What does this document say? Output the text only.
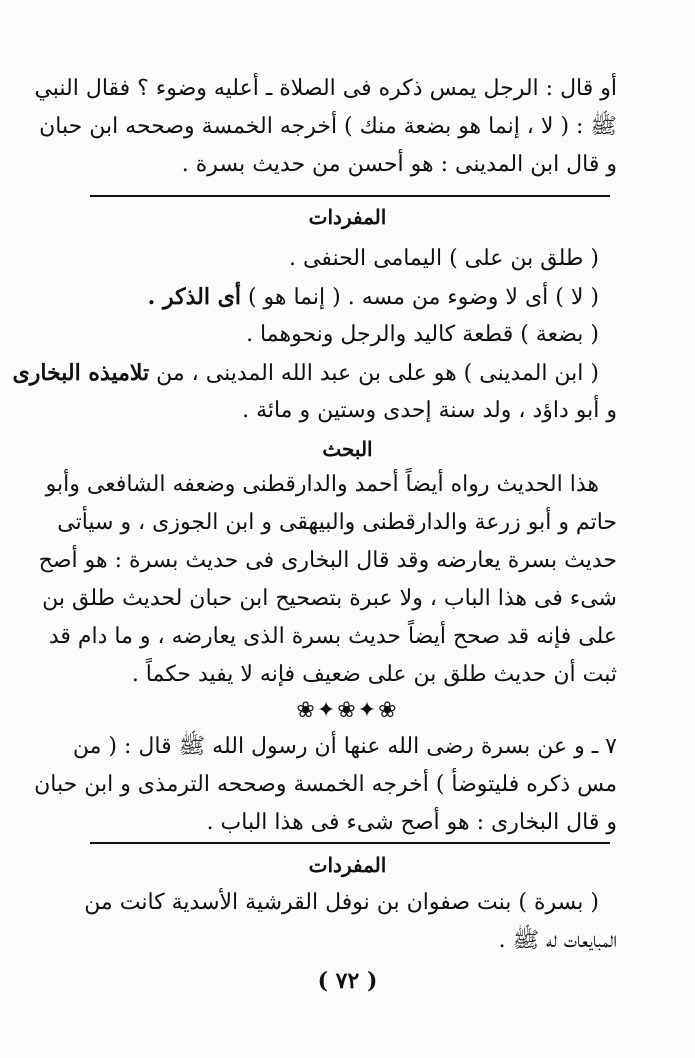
أو قال : الرجل يمس ذكره فى الصلاة ـ أعليه وضوء ؟ فقال النبي

ﷺ : ( لا ، إنما هو بضعة منك ) أخرجه الخمسة وصححه ابن حبان

و قال ابن المدينى : هو أحسن من حديث بسرة .

المفردات

( طلق بن على ) اليمامى الحنفى .

( لا ) أى لا وضوء من مسه . ( إنما هو ) أى الذكر .

( بضعة ) قطعة كاليد والرجل ونحوهما .

( ابن المدينى ) هو على بن عبد الله المدينى ، من تلاميذه البخارى

و أبو داؤد ، ولد سنة إحدى وستين و مائة .

البحث

هذا الحديث رواه أيضاً أحمد والدارقطنى وضعفه الشافعى وأبو

حاتم و أبو زرعة والدارقطنى والبيهقى و ابن الجوزى ، و سيأتى

حديث بسرة يعارضه وقد قال البخارى فى حديث بسرة : هو أصح

شىء فى هذا الباب ، ولا عبرة بتصحيح ابن حبان لحديث طلق بن

على فإنه قد صحح أيضاً حديث بسرة الذى يعارضه ، و ما دام قد

ثبت أن حديث طلق بن على ضعيف فإنه لا يفيد حكماً .

❀✦❀✦❀

٧ ـ و عن بسرة رضى الله عنها أن رسول الله ﷺ قال : ( من

مس ذكره فليتوضأ ) أخرجه الخمسة وصححه الترمذى و ابن حبان

و قال البخارى : هو أصح شىء فى هذا الباب .

المفردات

( بسرة ) بنت صفوان بن نوفل القرشية الأسدية كانت من

المبايعات له ﷺ .

( ٧٢ )
